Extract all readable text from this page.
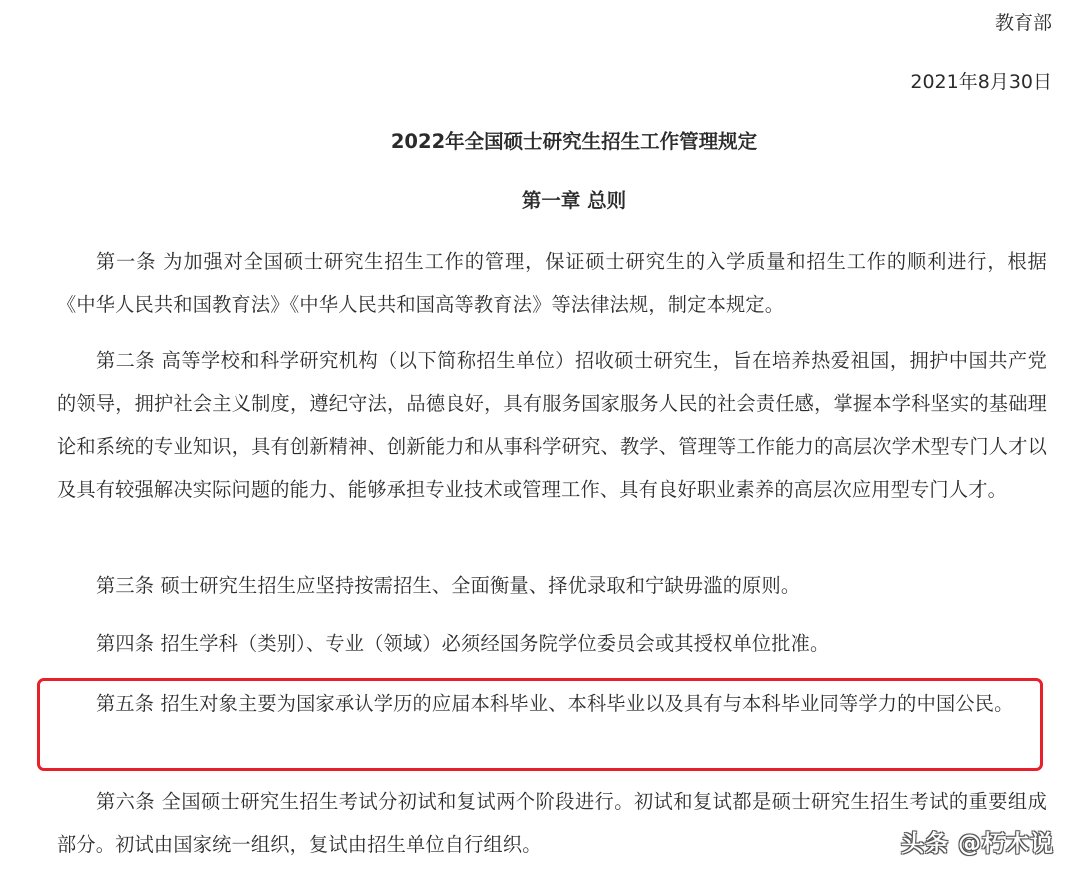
教育部
2021年8月30日
2022年全国硕士研究生招生工作管理规定
第一章 总则

第一条 为加强对全国硕士研究生招生工作的管理，保证硕士研究生的入学质量和招生工作的顺利进行，根据《中华人民共和国教育法》《中华人民共和国高等教育法》等法律法规，制定本规定。

第二条 高等学校和科学研究机构（以下简称招生单位）招收硕士研究生，旨在培养热爱祖国，拥护中国共产党的领导，拥护社会主义制度，遵纪守法，品德良好，具有服务国家服务人民的社会责任感，掌握本学科坚实的基础理论和系统的专业知识，具有创新精神、创新能力和从事科学研究、教学、管理等工作能力的高层次学术型专门人才以及具有较强解决实际问题的能力、能够承担专业技术或管理工作、具有良好职业素养的高层次应用型专门人才。

第三条 硕士研究生招生应坚持按需招生、全面衡量、择优录取和宁缺毋滥的原则。

第四条 招生学科（类别）、专业（领域）必须经国务院学位委员会或其授权单位批准。

第五条 招生对象主要为国家承认学历的应届本科毕业、本科毕业以及具有与本科毕业同等学力的中国公民。

第六条 全国硕士研究生招生考试分初试和复试两个阶段进行。初试和复试都是硕士研究生招生考试的重要组成部分。初试由国家统一组织，复试由招生单位自行组织。	头条 @朽木说
